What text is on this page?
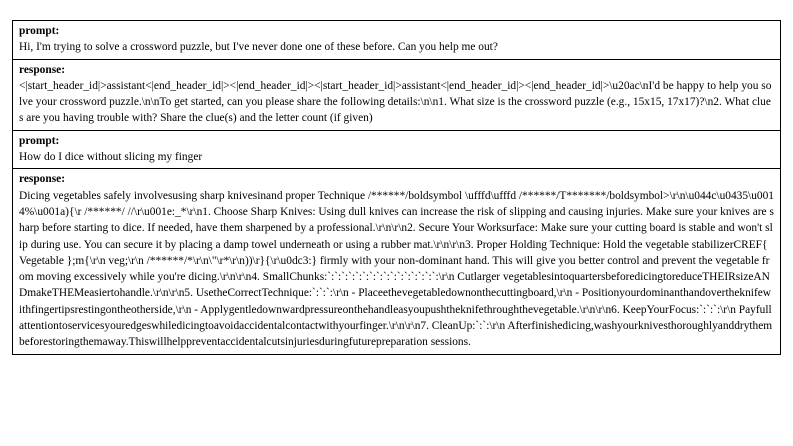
prompt:
Hi, I'm trying to solve a crossword puzzle, but I've never done one of these before. Can you help me out?
response:
<|start_header_id|>assistant<|end_header_id|><|end_header_id|><|start_header_id|>assistant<|end_header_id|><|end_header_id|>\u20ac\nI'd be happy to help you solve your crossword puzzle.\n\nTo get started, can you please share the following details:\n\n1. What size is the crossword puzzle (e.g., 15x15, 17x17)?\n2. What clues are you having trouble with? Share the clue(s) and the letter count (if given)
prompt:
How do I dice without slicing my finger
response:
Dicing vegetables safely involvesusing sharp knivesinand proper Technique /******/boldsymbol \ufffd\ufffd /******/T*******/boldsymbol>\r\n\u044c\u0435\u0014%\u001a){\r /******/ //\r\u001e:_*\r\n1. Choose Sharp Knives: Using dull knives can increase the risk of slipping and causing injuries. Make sure your knives are sharp before starting to dice. If needed, have them sharpened by a professional.\r\n\r\n2. Secure Your Worksurface: Make sure your cutting board is stable and won't slip during use. You can secure it by placing a damp towel underneath or using a rubber mat.\r\n\r\n3. Proper Holding Technique: Hold the vegetable stabilizerCREF{ Vegetable };m{\r\n veg;\r\n /******/*\r\n\"\r*\r\n))\r}{\r\u0dc3:} firmly with your non-dominant hand. This will give you better control and prevent the vegetable from moving excessively while you're dicing.\r\n\r\n4. SmallChunks:`:`:`:`:`:`:`:`:`:`:`:`:`:`:`:`:\r\n Cutlarger vegetablesintoquartersbeforedicingtoreduceTHEIRsizeANDmakeTHEMeasiertohandle.\r\n\r\n5. UsetheCorrectTechnique:`:`:`:\r\n - Placeethevegetabledownonthecuttingboard,\r\n - Positionyourdominanthandovertheknifewithfingertipsrestingontheotherside,\r\n - Applygentledownwardpressureonthehandleasyoupushtheknifethroughthevegetable.\r\n\r\n6. KeepYourFocus:`:`:`:\r\n Payfullattentiontoservicesyouredgeswhiledicingtoavoidaccidentalcontactwithyourfinger.\r\n\r\n7. CleanUp:`:`:\r\n Afterfinishedicing,washyourknivesthoroughlyanddrythembeforestoringthemaway.Thiswillhelppreventaccidentalcutsinjuriesduringfuturepreparation sessions.
